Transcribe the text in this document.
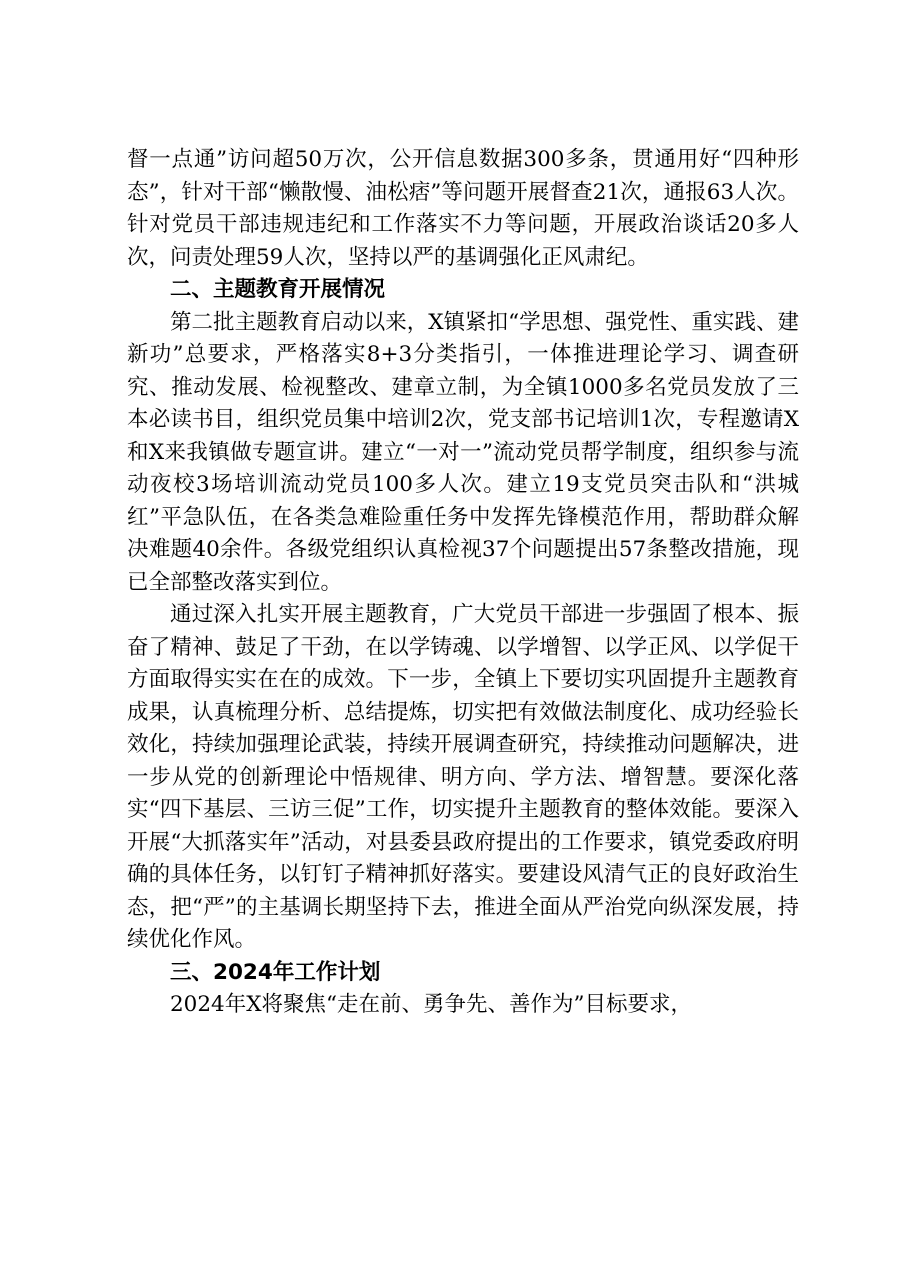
督一点通”访问超50万次，公开信息数据300多条，贯通用好“四种形态”，针对干部“懒散慢、油松痞”等问题开展督查21次，通报63人次。针对党员干部违规违纪和工作落实不力等问题，开展政治谈话20多人次，问责处理59人次，坚持以严的基调强化正风肃纪。

二、主题教育开展情况

第二批主题教育启动以来，X镇紧扣“学思想、强党性、重实践、建新功”总要求，严格落实8+3分类指引，一体推进理论学习、调查研究、推动发展、检视整改、建章立制，为全镇1000多名党员发放了三本必读书目，组织党员集中培训2次，党支部书记培训1次，专程邀请X和X来我镇做专题宣讲。建立“一对一”流动党员帮学制度，组织参与流动夜校3场培训流动党员100多人次。建立19支党员突击队和“洪城红”平急队伍，在各类急难险重任务中发挥先锋模范作用，帮助群众解决难题40余件。各级党组织认真检视37个问题提出57条整改措施，现已全部整改落实到位。

通过深入扎实开展主题教育，广大党员干部进一步强固了根本、振奋了精神、鼓足了干劲，在以学铸魂、以学增智、以学正风、以学促干方面取得实实在在的成效。下一步，全镇上下要切实巩固提升主题教育成果，认真梳理分析、总结提炼，切实把有效做法制度化、成功经验长效化，持续加强理论武装，持续开展调查研究，持续推动问题解决，进一步从党的创新理论中悟规律、明方向、学方法、增智慧。要深化落实“四下基层、三访三促”工作，切实提升主题教育的整体效能。要深入开展“大抓落实年”活动，对县委县政府提出的工作要求，镇党委政府明确的具体任务，以钉钉子精神抓好落实。要建设风清气正的良好政治生态，把“严”的主基调长期坚持下去，推进全面从严治党向纵深发展，持续优化作风。

三、2024年工作计划

2024年X将聚焦“走在前、勇争先、善作为”目标要求，
